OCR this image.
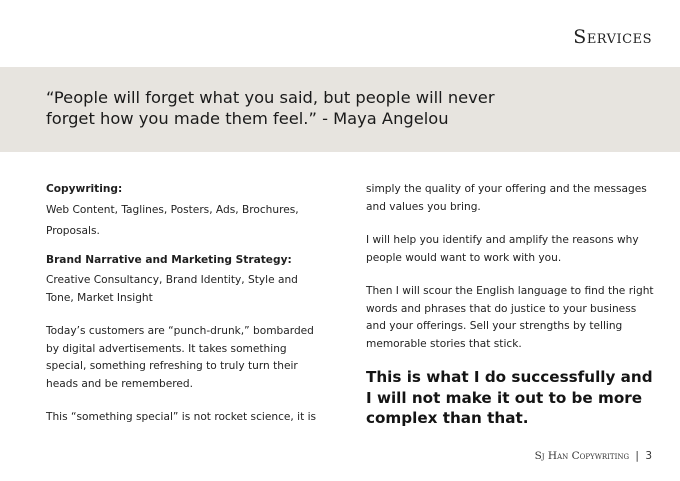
Services
“People will forget what you said, but people will never forget how you made them feel.” - Maya Angelou

Copywriting:

Web Content, Taglines, Posters, Ads, Brochures, Proposals.

Brand Narrative and Marketing Strategy:

Creative Consultancy, Brand Identity, Style and Tone, Market Insight

Today’s customers are “punch-drunk,” bombarded by digital advertisements. It takes something special, something refreshing to truly turn their heads and be remembered.

This “something special” is not rocket science, it is

simply the quality of your offering and the messages and values you bring.

I will help you identify and amplify the reasons why people would want to work with you.

Then I will scour the English language to find the right words and phrases that do justice to your business and your offerings. Sell your strengths by telling memorable stories that stick.

This is what I do successfully and I will not make it out to be more complex than that.

Sj Han Copywriting | 3
